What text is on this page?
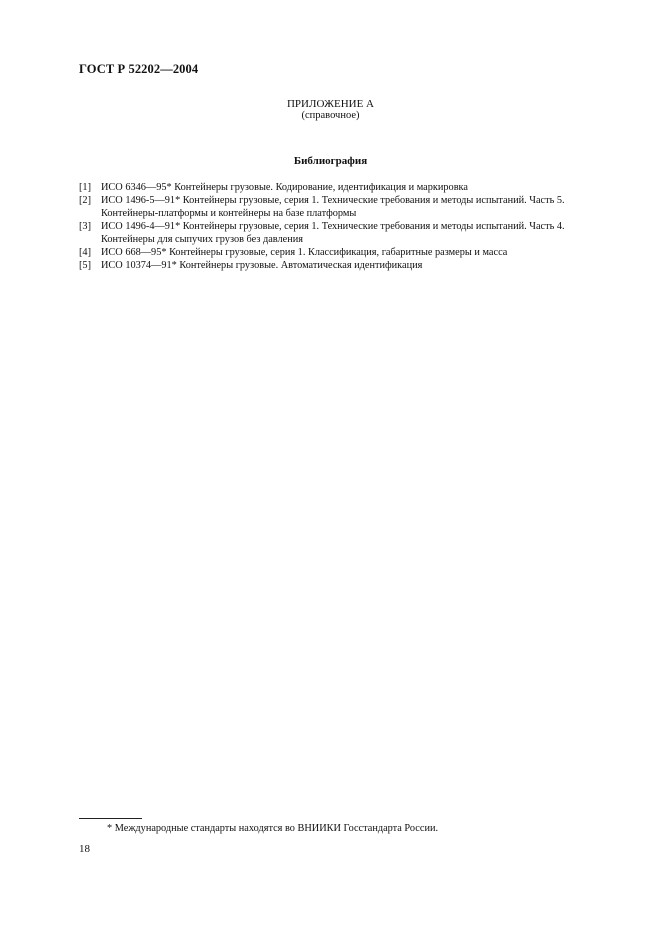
ГОСТ Р 52202—2004
ПРИЛОЖЕНИЕ А
(справочное)
Библиография
[1] ИСО 6346—95* Контейнеры грузовые. Кодирование, идентификация и маркировка
[2] ИСО 1496-5—91* Контейнеры грузовые, серия 1. Технические требования и методы испытаний. Часть 5. Контейнеры-платформы и контейнеры на базе платформы
[3] ИСО 1496-4—91* Контейнеры грузовые, серия 1. Технические требования и методы испытаний. Часть 4. Контейнеры для сыпучих грузов без давления
[4] ИСО 668—95* Контейнеры грузовые, серия 1. Классификация, габаритные размеры и масса
[5] ИСО 10374—91* Контейнеры грузовые. Автоматическая идентификация
* Международные стандарты находятся во ВНИИКИ Госстандарта России.
18
